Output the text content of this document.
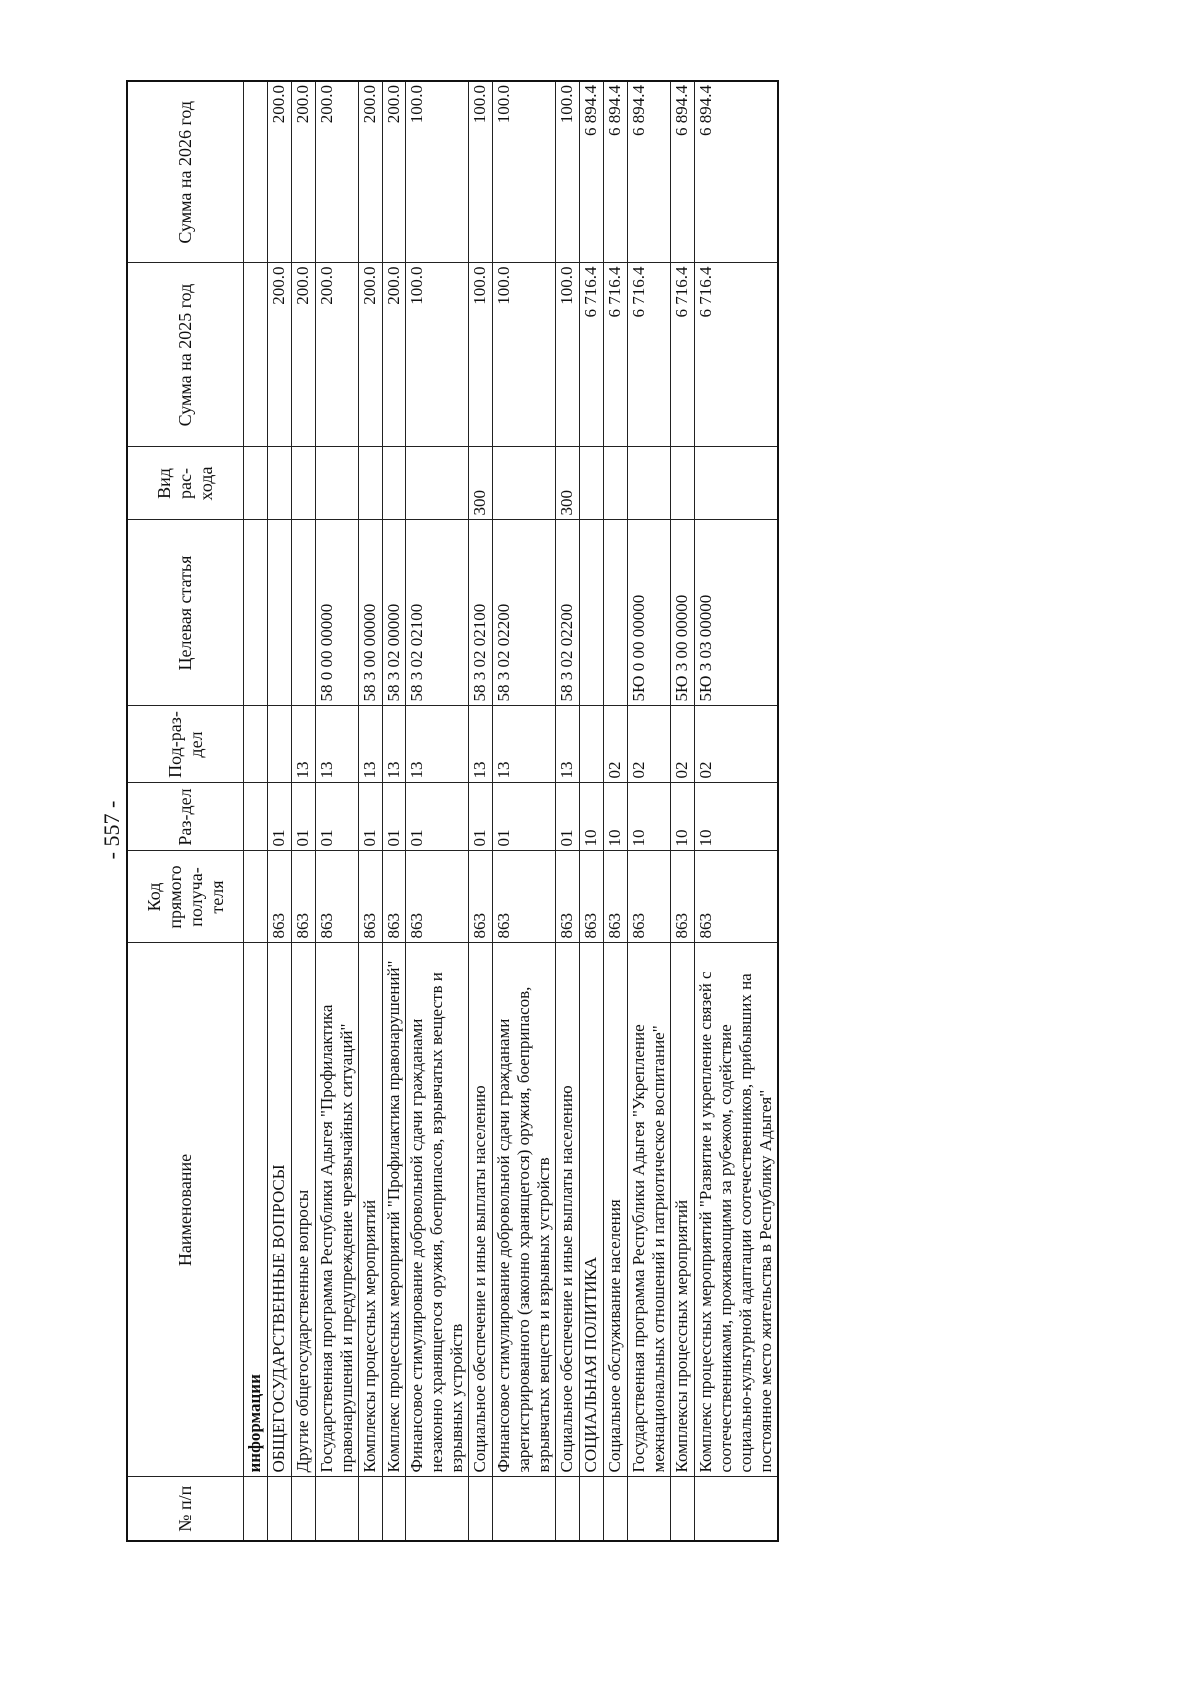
- 557 -
№ п/п	Наименование	Код прямого получа-теля	Раз-дел	Под-раз-дел	Целевая статья	Вид рас-хода	Сумма на 2025 год	Сумма на 2026 год
	информации							
	ОБЩЕГОСУДАРСТВЕННЫЕ ВОПРОСЫ	863	01				200.0	200.0
	Другие общегосударственные вопросы	863	01	13			200.0	200.0
	Государственная программа Республики Адыгея "Профилактика правонарушений и предупреждение чрезвычайных ситуаций"	863	01	13	58 0 00 00000		200.0	200.0
	Комплексы процессных мероприятий	863	01	13	58 3 00 00000		200.0	200.0
	Комплекс процессных мероприятий "Профилактика правонарушений"	863	01	13	58 3 02 00000		200.0	200.0
	Финансовое стимулирование добровольной сдачи гражданами незаконно хранящегося оружия, боеприпасов, взрывчатых веществ и взрывных устройств	863	01	13	58 3 02 02100		100.0	100.0
	Социальное обеспечение и иные выплаты населению	863	01	13	58 3 02 02100	300	100.0	100.0
	Финансовое стимулирование добровольной сдачи гражданами зарегистрированного (законно хранящегося) оружия, боеприпасов, взрывчатых веществ и взрывных устройств	863	01	13	58 3 02 02200		100.0	100.0
	Социальное обеспечение и иные выплаты населению	863	01	13	58 3 02 02200	300	100.0	100.0
	СОЦИАЛЬНАЯ ПОЛИТИКА	863	10				6 716.4	6 894.4
	Социальное обслуживание населения	863	10	02			6 716.4	6 894.4
	Государственная программа Республики Адыгея "Укрепление межнациональных отношений и патриотическое воспитание"	863	10	02	5Ю 0 00 00000		6 716.4	6 894.4
	Комплексы процессных мероприятий	863	10	02	5Ю 3 00 00000		6 716.4	6 894.4
	Комплекс процессных мероприятий "Развитие и укрепление связей с соотечественниками, проживающими за рубежом, содействие социально-культурной адаптации соотечественников, прибывших на постоянное место жительства в Республику Адыгея"	863	10	02	5Ю 3 03 00000		6 716.4	6 894.4
